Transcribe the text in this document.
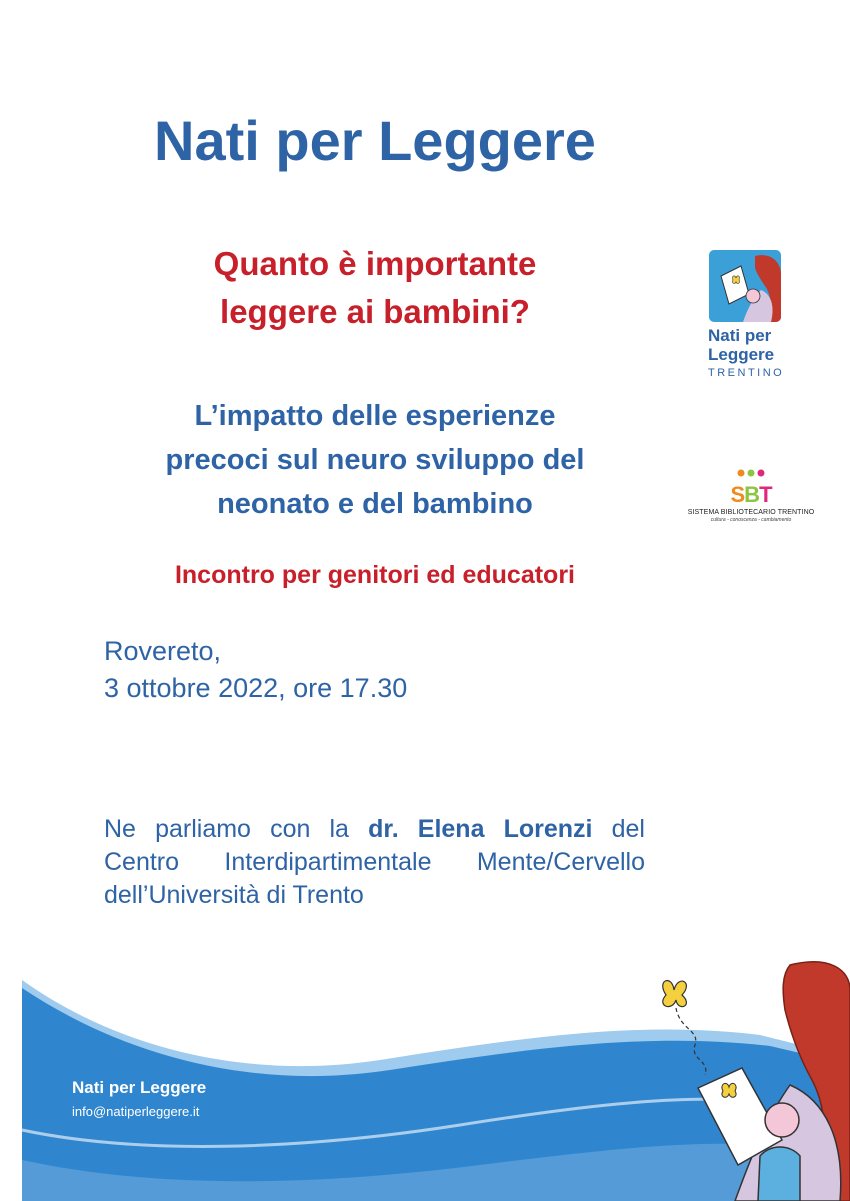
Nati per Leggere
Quanto è importante
leggere ai bambini?
L’impatto delle esperienze
precoci sul neuro sviluppo del
neonato e del bambino
Incontro per genitori ed educatori
Rovereto,
3 ottobre 2022, ore 17.30
Ne parliamo con la dr. Elena Lorenzi del
Centro Interdipartimentale Mente/Cervello
dell’Università di Trento
Nati per
Leggere
TRENTINO
SBT
SISTEMA BIBLIOTECARIO TRENTINO
cultura - conoscenza - cambiamento
Nati per Leggere
info@natiperleggere.it
